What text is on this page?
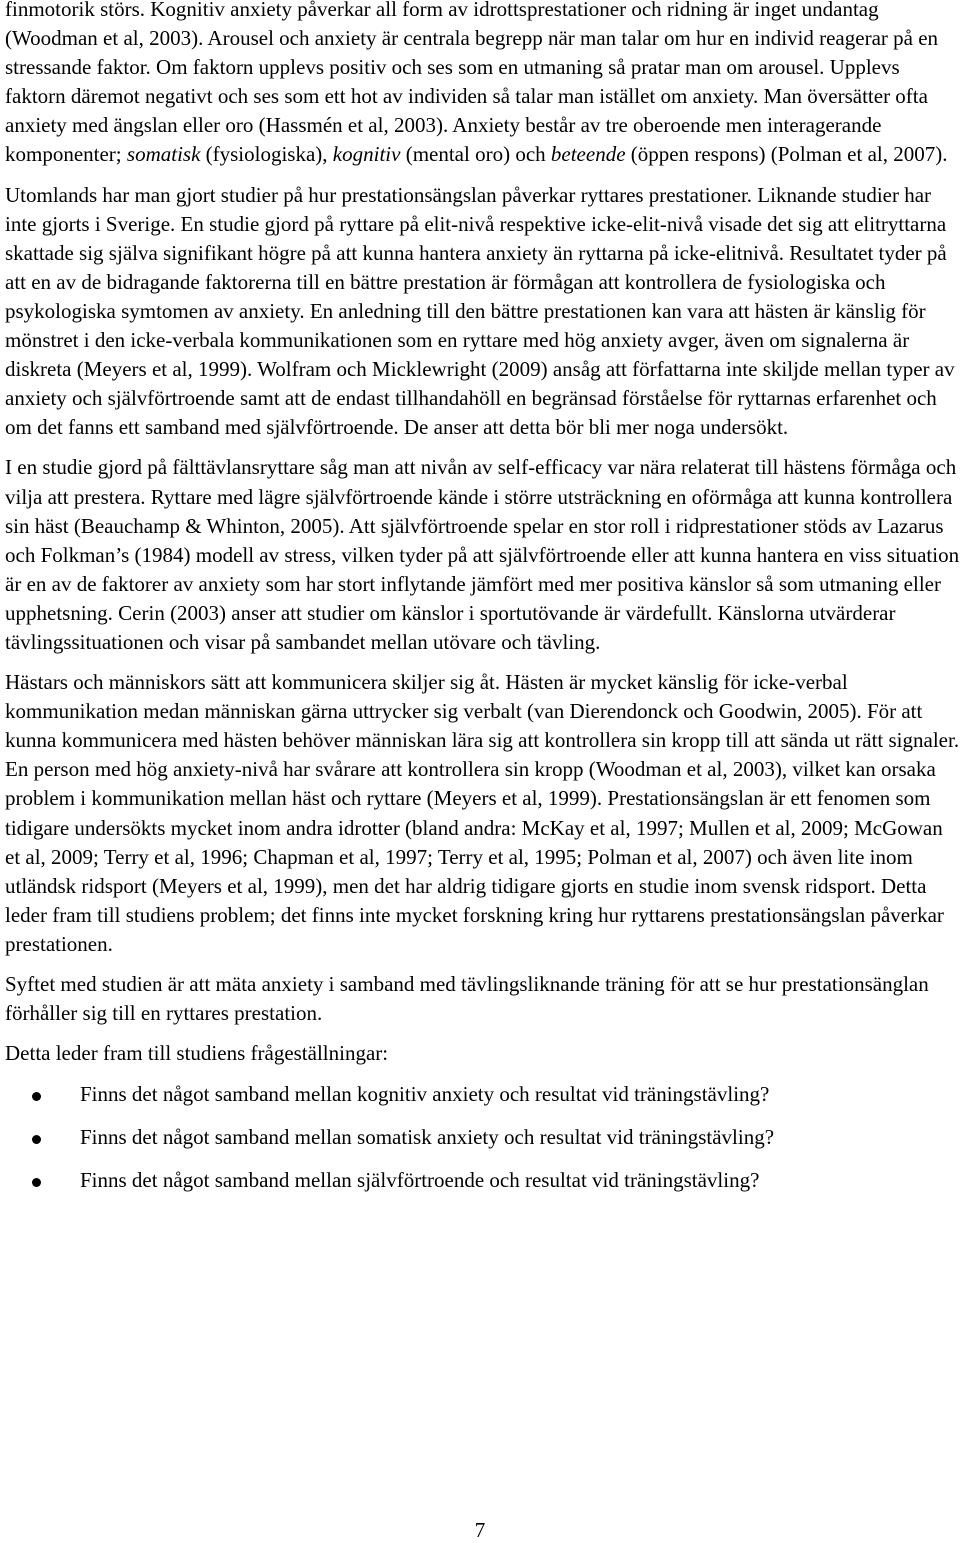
finmotorik störs. Kognitiv anxiety påverkar all form av idrottsprestationer och ridning är inget undantag (Woodman et al, 2003). Arousel och anxiety är centrala begrepp när man talar om hur en individ reagerar på en stressande faktor. Om faktorn upplevs positiv och ses som en utmaning så pratar man om arousel. Upplevs faktorn däremot negativt och ses som ett hot av individen så talar man istället om anxiety. Man översätter ofta anxiety med ängslan eller oro (Hassmén et al, 2003). Anxiety består av tre oberoende men interagerande komponenter; somatisk (fysiologiska), kognitiv (mental oro) och beteende (öppen respons) (Polman et al, 2007).

Utomlands har man gjort studier på hur prestationsängslan påverkar ryttares prestationer. Liknande studier har inte gjorts i Sverige. En studie gjord på ryttare på elit-nivå respektive icke-elit-nivå visade det sig att elitryttarna skattade sig själva signifikant högre på att kunna hantera anxiety än ryttarna på icke-elitnivå. Resultatet tyder på att en av de bidragande faktorerna till en bättre prestation är förmågan att kontrollera de fysiologiska och psykologiska symtomen av anxiety. En anledning till den bättre prestationen kan vara att hästen är känslig för mönstret i den icke-verbala kommunikationen som en ryttare med hög anxiety avger, även om signalerna är diskreta (Meyers et al, 1999). Wolfram och Micklewright (2009) ansåg att författarna inte skiljde mellan typer av anxiety och självförtroende samt att de endast tillhandahöll en begränsad förståelse för ryttarnas erfarenhet och om det fanns ett samband med självförtroende. De anser att detta bör bli mer noga undersökt.

I en studie gjord på fälttävlansryttare såg man att nivån av self-efficacy var nära relaterat till hästens förmåga och vilja att prestera. Ryttare med lägre självförtroende kände i större utsträckning en oförmåga att kunna kontrollera sin häst (Beauchamp & Whinton, 2005). Att självförtroende spelar en stor roll i ridprestationer stöds av Lazarus och Folkman’s (1984) modell av stress, vilken tyder på att självförtroende eller att kunna hantera en viss situation är en av de faktorer av anxiety som har stort inflytande jämfört med mer positiva känslor så som utmaning eller upphetsning. Cerin (2003) anser att studier om känslor i sportutövande är värdefullt. Känslorna utvärderar tävlingssituationen och visar på sambandet mellan utövare och tävling.

Hästars och människors sätt att kommunicera skiljer sig åt. Hästen är mycket känslig för icke-verbal kommunikation medan människan gärna uttrycker sig verbalt (van Dierendonck och Goodwin, 2005). För att kunna kommunicera med hästen behöver människan lära sig att kontrollera sin kropp till att sända ut rätt signaler. En person med hög anxiety-nivå har svårare att kontrollera sin kropp (Woodman et al, 2003), vilket kan orsaka problem i kommunikation mellan häst och ryttare (Meyers et al, 1999). Prestationsängslan är ett fenomen som tidigare undersökts mycket inom andra idrotter (bland andra: McKay et al, 1997; Mullen et al, 2009; McGowan et al, 2009; Terry et al, 1996; Chapman et al, 1997; Terry et al, 1995; Polman et al, 2007) och även lite inom utländsk ridsport (Meyers et al, 1999), men det har aldrig tidigare gjorts en studie inom svensk ridsport. Detta leder fram till studiens problem; det finns inte mycket forskning kring hur ryttarens prestationsängslan påverkar prestationen.

Syftet med studien är att mäta anxiety i samband med tävlingsliknande träning för att se hur prestationsänglan förhåller sig till en ryttares prestation.

Detta leder fram till studiens frågeställningar:

Finns det något samband mellan kognitiv anxiety och resultat vid träningstävling?
Finns det något samband mellan somatisk anxiety och resultat vid träningstävling?
Finns det något samband mellan självförtroende och resultat vid träningstävling?
7
